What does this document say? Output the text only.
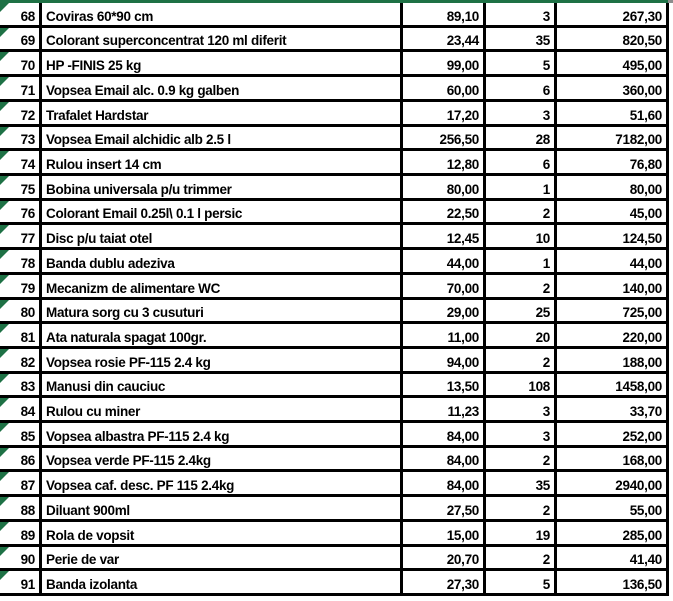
68 Coviras 60*90 cm	89,10	3	267,30
69 Colorant superconcentrat 120 ml diferit	23,44	35	820,50
70 HP -FINIS 25 kg	99,00	5	495,00
71 Vopsea Email alc. 0.9 kg galben	60,00	6	360,00
72 Trafalet Hardstar	17,20	3	51,60
73 Vopsea Email alchidic alb 2.5 l	256,50	28	7182,00
74 Rulou insert 14 cm	12,80	6	76,80
75 Bobina universala p/u trimmer	80,00	1	80,00
76 Colorant Email 0.25l\ 0.1 l persic	22,50	2	45,00
77 Disc p/u taiat otel	12,45	10	124,50
78 Banda dublu adeziva	44,00	1	44,00
79 Mecanizm de alimentare WC	70,00	2	140,00
80 Matura sorg cu 3 cusuturi	29,00	25	725,00
81 Ata naturala spagat 100gr.	11,00	20	220,00
82 Vopsea rosie PF-115 2.4 kg	94,00	2	188,00
83 Manusi din cauciuc	13,50	108	1458,00
84 Rulou cu miner	11,23	3	33,70
85 Vopsea albastra PF-115 2.4 kg	84,00	3	252,00
86 Vopsea verde PF-115 2.4kg	84,00	2	168,00
87 Vopsea caf. desc. PF 115 2.4kg	84,00	35	2940,00
88 Diluant 900ml	27,50	2	55,00
89 Rola de vopsit	15,00	19	285,00
90 Perie de var	20,70	2	41,40
91 Banda izolanta	27,30	5	136,50
